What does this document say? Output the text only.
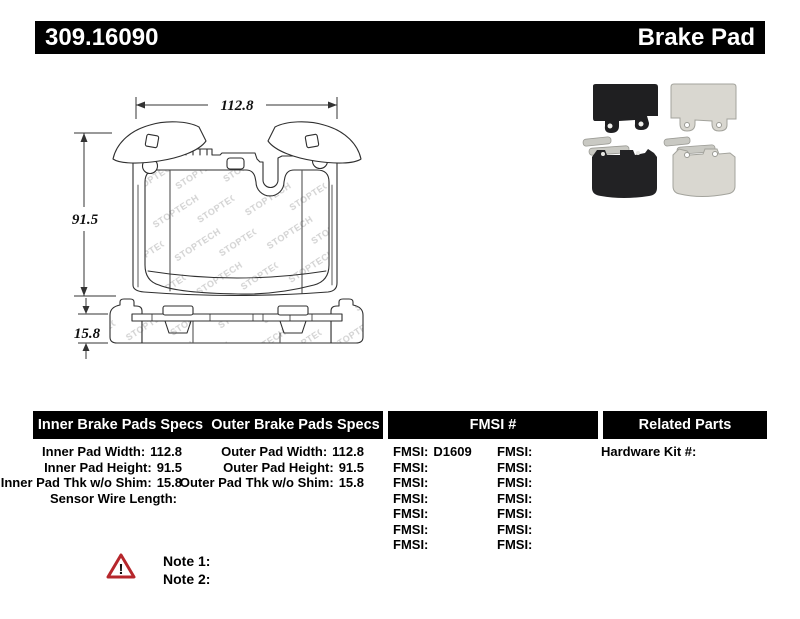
309.16090	Brake Pad
112.8
91.5
15.8
Inner Brake Pads Specs Outer Brake Pads Specs	FMSI #	Related Parts
Inner Pad Width: 112.8
Inner Pad Height: 91.5
Inner Pad Thk w/o Shim: 15.8
Sensor Wire Length:
Outer Pad Width: 112.8
Outer Pad Height: 91.5
Outer Pad Thk w/o Shim: 15.8
FMSI: D1609
FMSI:
FMSI:
FMSI:
FMSI:
FMSI:
FMSI:
FMSI:
FMSI:
FMSI:
FMSI:
FMSI:
FMSI:
FMSI:
Hardware Kit #:
!	Note 1:
Note 2:
